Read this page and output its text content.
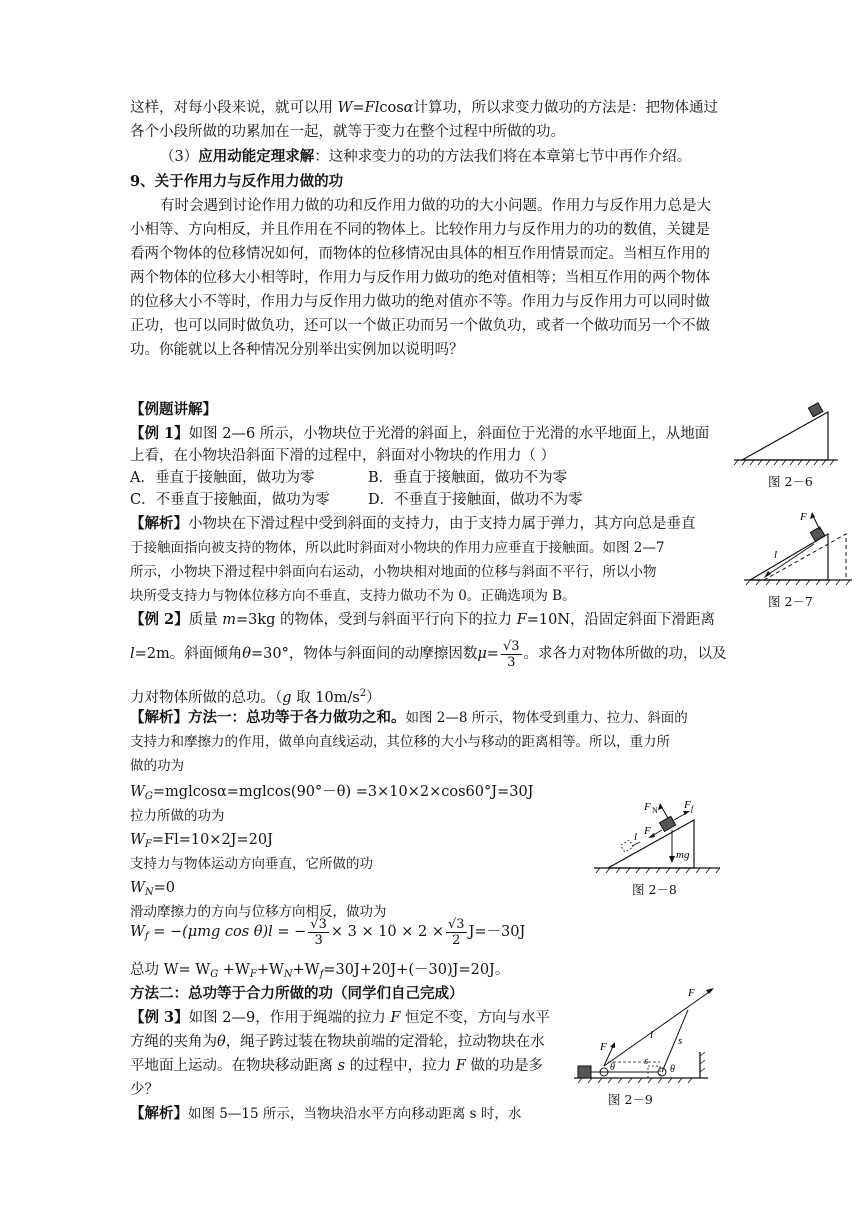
这样，对每小段来说，就可以用 W=Flcosα计算功，所以求变力做功的方法是：把物体通过
各个小段所做的功累加在一起，就等于变力在整个过程中所做的功。
（3）应用动能定理求解：这种求变力的功的方法我们将在本章第七节中再作介绍。
9、关于作用力与反作用力做的功
有时会遇到讨论作用力做的功和反作用力做的功的大小问题。作用力与反作用力总是大
小相等、方向相反，并且作用在不同的物体上。比较作用力与反作用力的功的数值，关键是
看两个物体的位移情况如何，而物体的位移情况由具体的相互作用情景而定。当相互作用的
两个物体的位移大小相等时，作用力与反作用力做功的绝对值相等；当相互作用的两个物体
的位移大小不等时，作用力与反作用力做功的绝对值亦不等。作用力与反作用力可以同时做
正功，也可以同时做负功，还可以一个做正功而另一个做负功，或者一个做功而另一个不做
功。你能就以上各种情况分别举出实例加以说明吗？
【例题讲解】
【例 1】如图 2—6 所示，小物块位于光滑的斜面上，斜面位于光滑的水平地面上，从地面
上看，在小物块沿斜面下滑的过程中，斜面对小物块的作用力（ ）
A．垂直于接触面，做功为零	B．垂直于接触面，做功不为零
C．不垂直于接触面，做功为零	D．不垂直于接触面，做功不为零
【解析】小物块在下滑过程中受到斜面的支持力，由于支持力属于弹力，其方向总是垂直
于接触面指向被支持的物体，所以此时斜面对小物块的作用力应垂直于接触面。如图 2—7
所示，小物块下滑过程中斜面向右运动，小物块相对地面的位移与斜面不平行，所以小物
块所受支持力与物体位移方向不垂直，支持力做功不为 0。正确选项为 B。
【例 2】质量 m=3kg 的物体，受到与斜面平行向下的拉力 F=10N，沿固定斜面下滑距离
l=2m。斜面倾角θ=30°，物体与斜面间的动摩擦因数$\mu= \frac{√3}{3}$ 。求各力对物体所做的功，以及
力对物体所做的总功。（g 取 $10m/s^2$）
【解析】方法一：总功等于各力做功之和。如图 2—8 所示，物体受到重力、拉力、斜面的
支持力和摩擦力的作用，做单向直线运动，其位移的大小与移动的距离相等。所以，重力所
做的功为
$W_G=mglcos\alpha=mglcos(90^\circ-\theta) =3\times 10\times 2\times\cos 60^\circ J=30J$
拉力所做的功为
$W_F=Fl=10\times 2J=20J$
支持力与物体运动方向垂直，它所做的功
$W_N=0$
滑动摩擦力的方向与位移方向相反，做功为
$W_f = -(\mu mg$ cos θ)l = − $\frac{√3}{3} \times 3 \times 10 \times 2 \times \frac{√3}{2} J=-30J$
总功 $W= W_G +W_F+W_N+W_f=30J+20J+(-30)J=20J$。
方法二：总功等于合力所做的功（同学们自己完成）
【例 3】如图 2—9，作用于绳端的拉力 F 恒定不变，方向与水平
方绳的夹角为θ，绳子跨过装在物块前端的定滑轮，拉动物块在水
平地面上运动。在物块移动距离 s 的过程中，拉力 F 做的功是多
少？
【解析】如图 5—15 所示，当物块沿水平方向移动距离 s 时，水
图 2－6
F
l
图 2－7
F N F f
F
mg
l
图 2－8
F
F
θ
l s
s
θ
图 2－9
